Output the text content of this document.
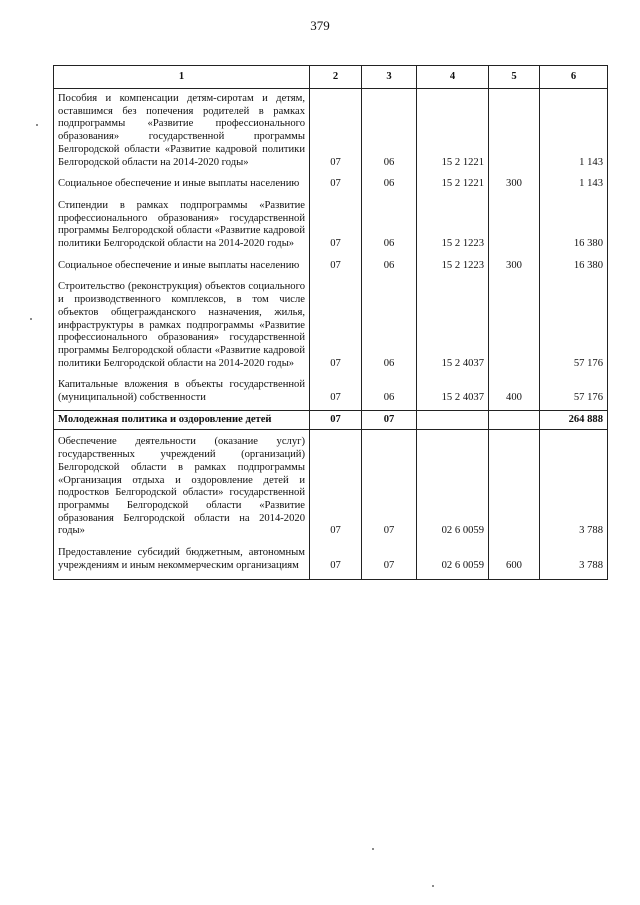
379
1	2	3	4	5	6
Пособия и компенсации детям-сиротам и детям, оставшимся без попечения родителей в рамках подпрограммы «Развитие профессионального образования» государственной программы Белгородской области «Развитие кадровой политики Белгородской области на 2014-2020 годы»	07	06	15 2 1221		1 143
Социальное обеспечение и иные выплаты населению	07	06	15 2 1221	300	1 143
Стипендии в рамках подпрограммы «Развитие профессионального образования» государственной программы Белгородской области «Развитие кадровой политики Белгородской области на 2014-2020 годы»	07	06	15 2 1223		16 380
Социальное обеспечение и иные выплаты населению	07	06	15 2 1223	300	16 380
Строительство (реконструкция) объектов социального и производственного комплексов, в том числе объектов общегражданского назначения, жилья, инфраструктуры в рамках подпрограммы «Развитие профессионального образования» государственной программы Белгородской области «Развитие кадровой политики Белгородской области на 2014-2020 годы»	07	06	15 2 4037		57 176
Капитальные вложения в объекты государственной (муниципальной) собственности	07	06	15 2 4037	400	57 176
Молодежная политика и оздоровление детей	07	07			264 888
Обеспечение деятельности (оказание услуг) государственных учреждений (организаций) Белгородской области в рамках подпрограммы «Организация отдыха и оздоровление детей и подростков Белгородской области» государственной программы Белгородской области «Развитие образования Белгородской области на 2014-2020 годы»	07	07	02 6 0059		3 788
Предоставление субсидий бюджетным, автономным учреждениям и иным некоммерческим организациям	07	07	02 6 0059	600	3 788
